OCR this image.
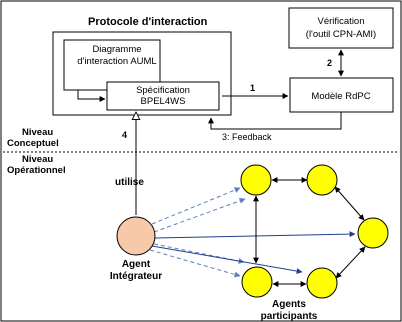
Protocole d'interaction
Diagramme
d'interaction AUML
Spécification
BPEL4WS
Vérification
(l'outil CPN-AMI)
Modèle RdPC
2
1
3: Feedback
Niveau
Conceptuel
Niveau
Opérationnel
4
utilise
Agent
Intégrateur
Agents
participants
